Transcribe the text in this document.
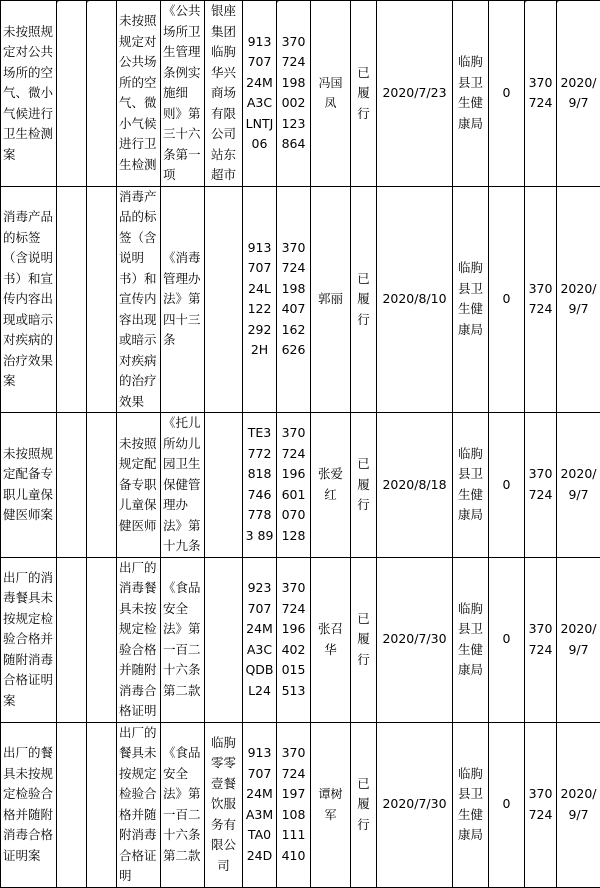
未按照规定对公共场所的空气、微小气候进行卫生检测案			未按照规定对公共场所的空气、微小气候进行卫生检测	《公共场所卫生管理条例实施细则》第三十六条第一项	银座集团临朐华兴商场有限公司站东超市	91370724MA3CLNTJ06	370724198002123864	冯国凤	已履行	2020/7/23	临朐县卫生健康局	0	370724	2020/9/7
消毒产品的标签（含说明书）和宣传内容出现或暗示对疾病的治疗效果案			消毒产品的标签（含说明书）和宣传内容出现或暗示对疾病的治疗效果	《消毒管理办法》第四十三条		91370724L1222922H	370724198407162626	郭丽	已履行	2020/8/10	临朐县卫生健康局	0	370724	2020/9/7
未按照规定配备专职儿童保健医师案			未按照规定配备专职儿童保健医师	《托儿所幼儿园卫生保健管理办法》第十九条		TE37728187467783 89	370724196601070128	张爱红	已履行	2020/8/18	临朐县卫生健康局	0	370724	2020/9/7
出厂的消毒餐具未按规定检验合格并随附消毒合格证明案			出厂的消毒餐具未按规定检验合格并随附消毒合格证明	《食品安全法》第一百二十六条第二款		92370724MA3CQDBL24	370724196402015513	张召华	已履行	2020/7/30	临朐县卫生健康局	0	370724	2020/9/7
出厂的餐具未按规定检验合格并随附消毒合格证明案			出厂的餐具未按规定检验合格并随附消毒合格证明	《食品安全法》第一百二十六条第二款	临朐零零壹餐饮服务有限公司	91370724MA3MTA024D	370724197108111410	谭树军	已履行	2020/7/30	临朐县卫生健康局	0	370724	2020/9/7
